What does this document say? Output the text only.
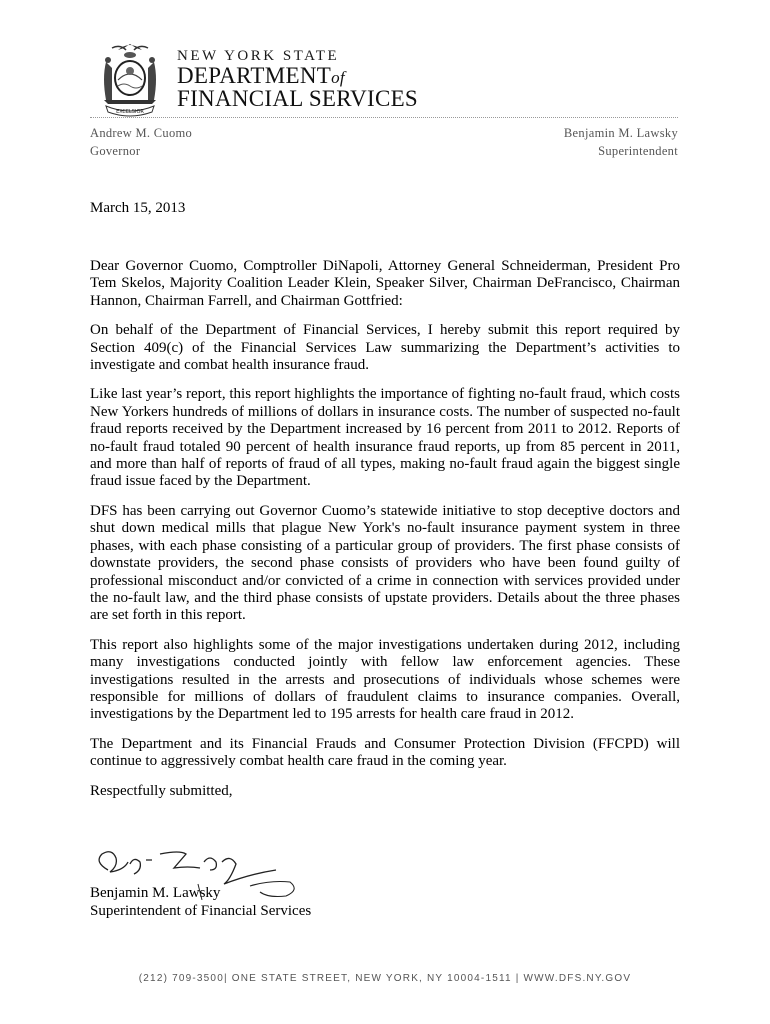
EXCELSIOR
NEW YORK STATE
DEPARTMENTof
FINANCIAL SERVICES
Andrew M. Cuomo
Governor
Benjamin M. Lawsky
Superintendent
March 15, 2013

Dear Governor Cuomo, Comptroller DiNapoli, Attorney General Schneiderman, President Pro Tem Skelos, Majority Coalition Leader Klein, Speaker Silver, Chairman DeFrancisco, Chairman Hannon, Chairman Farrell, and Chairman Gottfried:

On behalf of the Department of Financial Services, I hereby submit this report required by Section 409(c) of the Financial Services Law summarizing the Department’s activities to investigate and combat health insurance fraud.

Like last year’s report, this report highlights the importance of fighting no-fault fraud, which costs New Yorkers hundreds of millions of dollars in insurance costs. The number of suspected no-fault fraud reports received by the Department increased by 16 percent from 2011 to 2012. Reports of no-fault fraud totaled 90 percent of health insurance fraud reports, up from 85 percent in 2011, and more than half of reports of fraud of all types, making no-fault fraud again the biggest single fraud issue faced by the Department.

DFS has been carrying out Governor Cuomo’s statewide initiative to stop deceptive doctors and shut down medical mills that plague New York's no-fault insurance payment system in three phases, with each phase consisting of a particular group of providers. The first phase consists of downstate providers, the second phase consists of providers who have been found guilty of professional misconduct and/or convicted of a crime in connection with services provided under the no-fault law, and the third phase consists of upstate providers. Details about the three phases are set forth in this report.

This report also highlights some of the major investigations undertaken during 2012, including many investigations conducted jointly with fellow law enforcement agencies. These investigations resulted in the arrests and prosecutions of individuals whose schemes were responsible for millions of dollars of fraudulent claims to insurance companies. Overall, investigations by the Department led to 195 arrests for health care fraud in 2012.

The Department and its Financial Frauds and Consumer Protection Division (FFCPD) will continue to aggressively combat health care fraud in the coming year.

Respectfully submitted,

Benjamin M. Lawsky
Superintendent of Financial Services
(212) 709-3500| ONE STATE STREET, NEW YORK, NY 10004-1511 | WWW.DFS.NY.GOV
